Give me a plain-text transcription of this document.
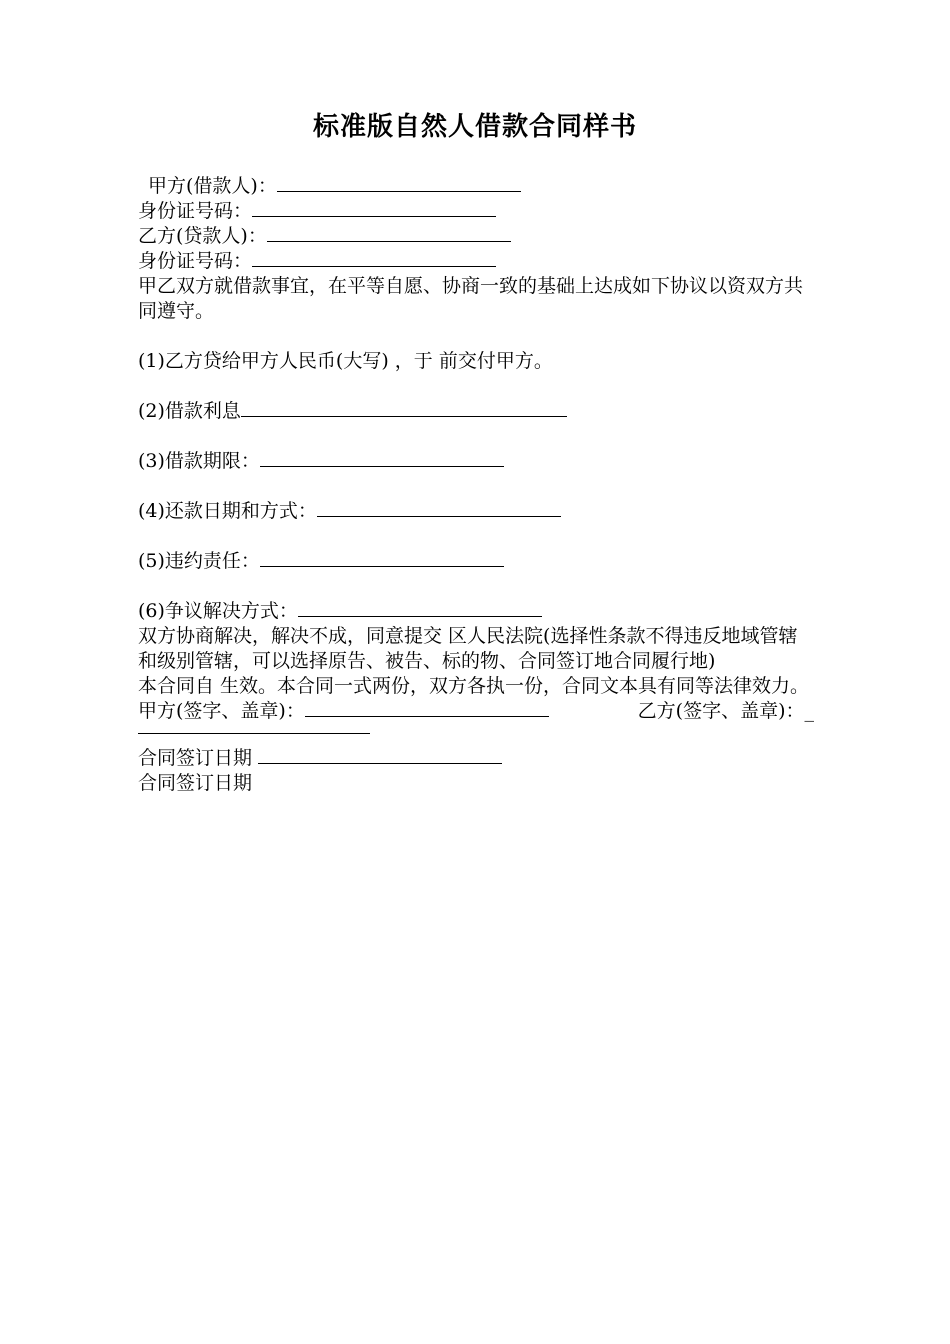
标准版自然人借款合同样书
甲方(借款人)：
身份证号码：
乙方(贷款人)：
身份证号码：
甲乙双方就借款事宜，在平等自愿、协商一致的基础上达成如下协议以资双方共同遵守。
(1)乙方贷给甲方人民币(大写) ，于 前交付甲方。
(2)借款利息
(3)借款期限：
(4)还款日期和方式：
(5)违约责任：
(6)争议解决方式：
双方协商解决，解决不成，同意提交 区人民法院(选择性条款不得违反地域管辖和级别管辖，可以选择原告、被告、标的物、合同签订地合同履行地)
本合同自 生效。本合同一式两份，双方各执一份，合同文本具有同等法律效力。
甲方(签字、盖章)：	乙方(签字、盖章)：_
合同签订日期
合同签订日期
